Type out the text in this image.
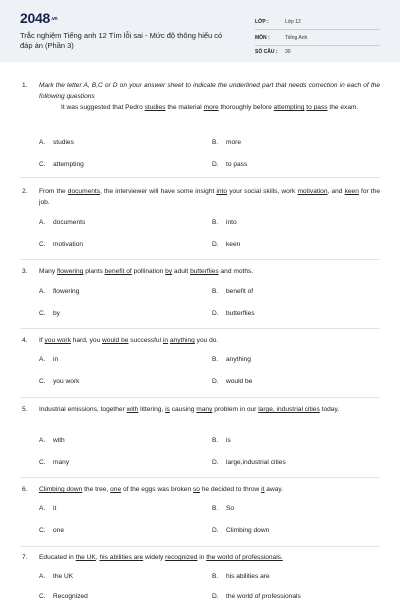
$2048^{.vn}$
Trắc nghiệm Tiếng anh 12 Tìm lỗi sai - Mức độ thông hiểu có đáp án (Phần 3)
LỚP :	Lớp 12
MÔN :	Tiếng Anh
SỐ CÂU : 30
1. Mark the letter A, B,C or D on your answer sheet to indicate the underlined part that needs correction in each of the following questions
It was suggested that Pedro studies the material more thoroughly before attempting to pass the exam.
A. studies	B. more
C. attempting	D. to pass
2. From the documents, the interviewer will have some insight into your social skills, work motivation, and keen for the job.
A. documents	B. into
C. motivation	D. keen
3. Many flowering plants benefit of pollination by adult butterflies and moths.
A. flowering	B. benefit of
C. by	D. butterflies
4. If you work hard, you would be successful in anything you do.
A. in	B. anything
C. you work	D. would be
5. Industrial emissions, together with littering, is causing many problem in our large, industrial cities today.
A. with	B. is
C. many	D. large,industrial cities
6. Climbing down the tree, one of the eggs was broken so he decided to throw it away.
A. it	B. So
C. one	D. Climbing down
7. Educated in the UK, his abilities are widely recognized in the world of professionals.
A. the UK	B. his abilities are
C. Recognized	D. the world of professionals
